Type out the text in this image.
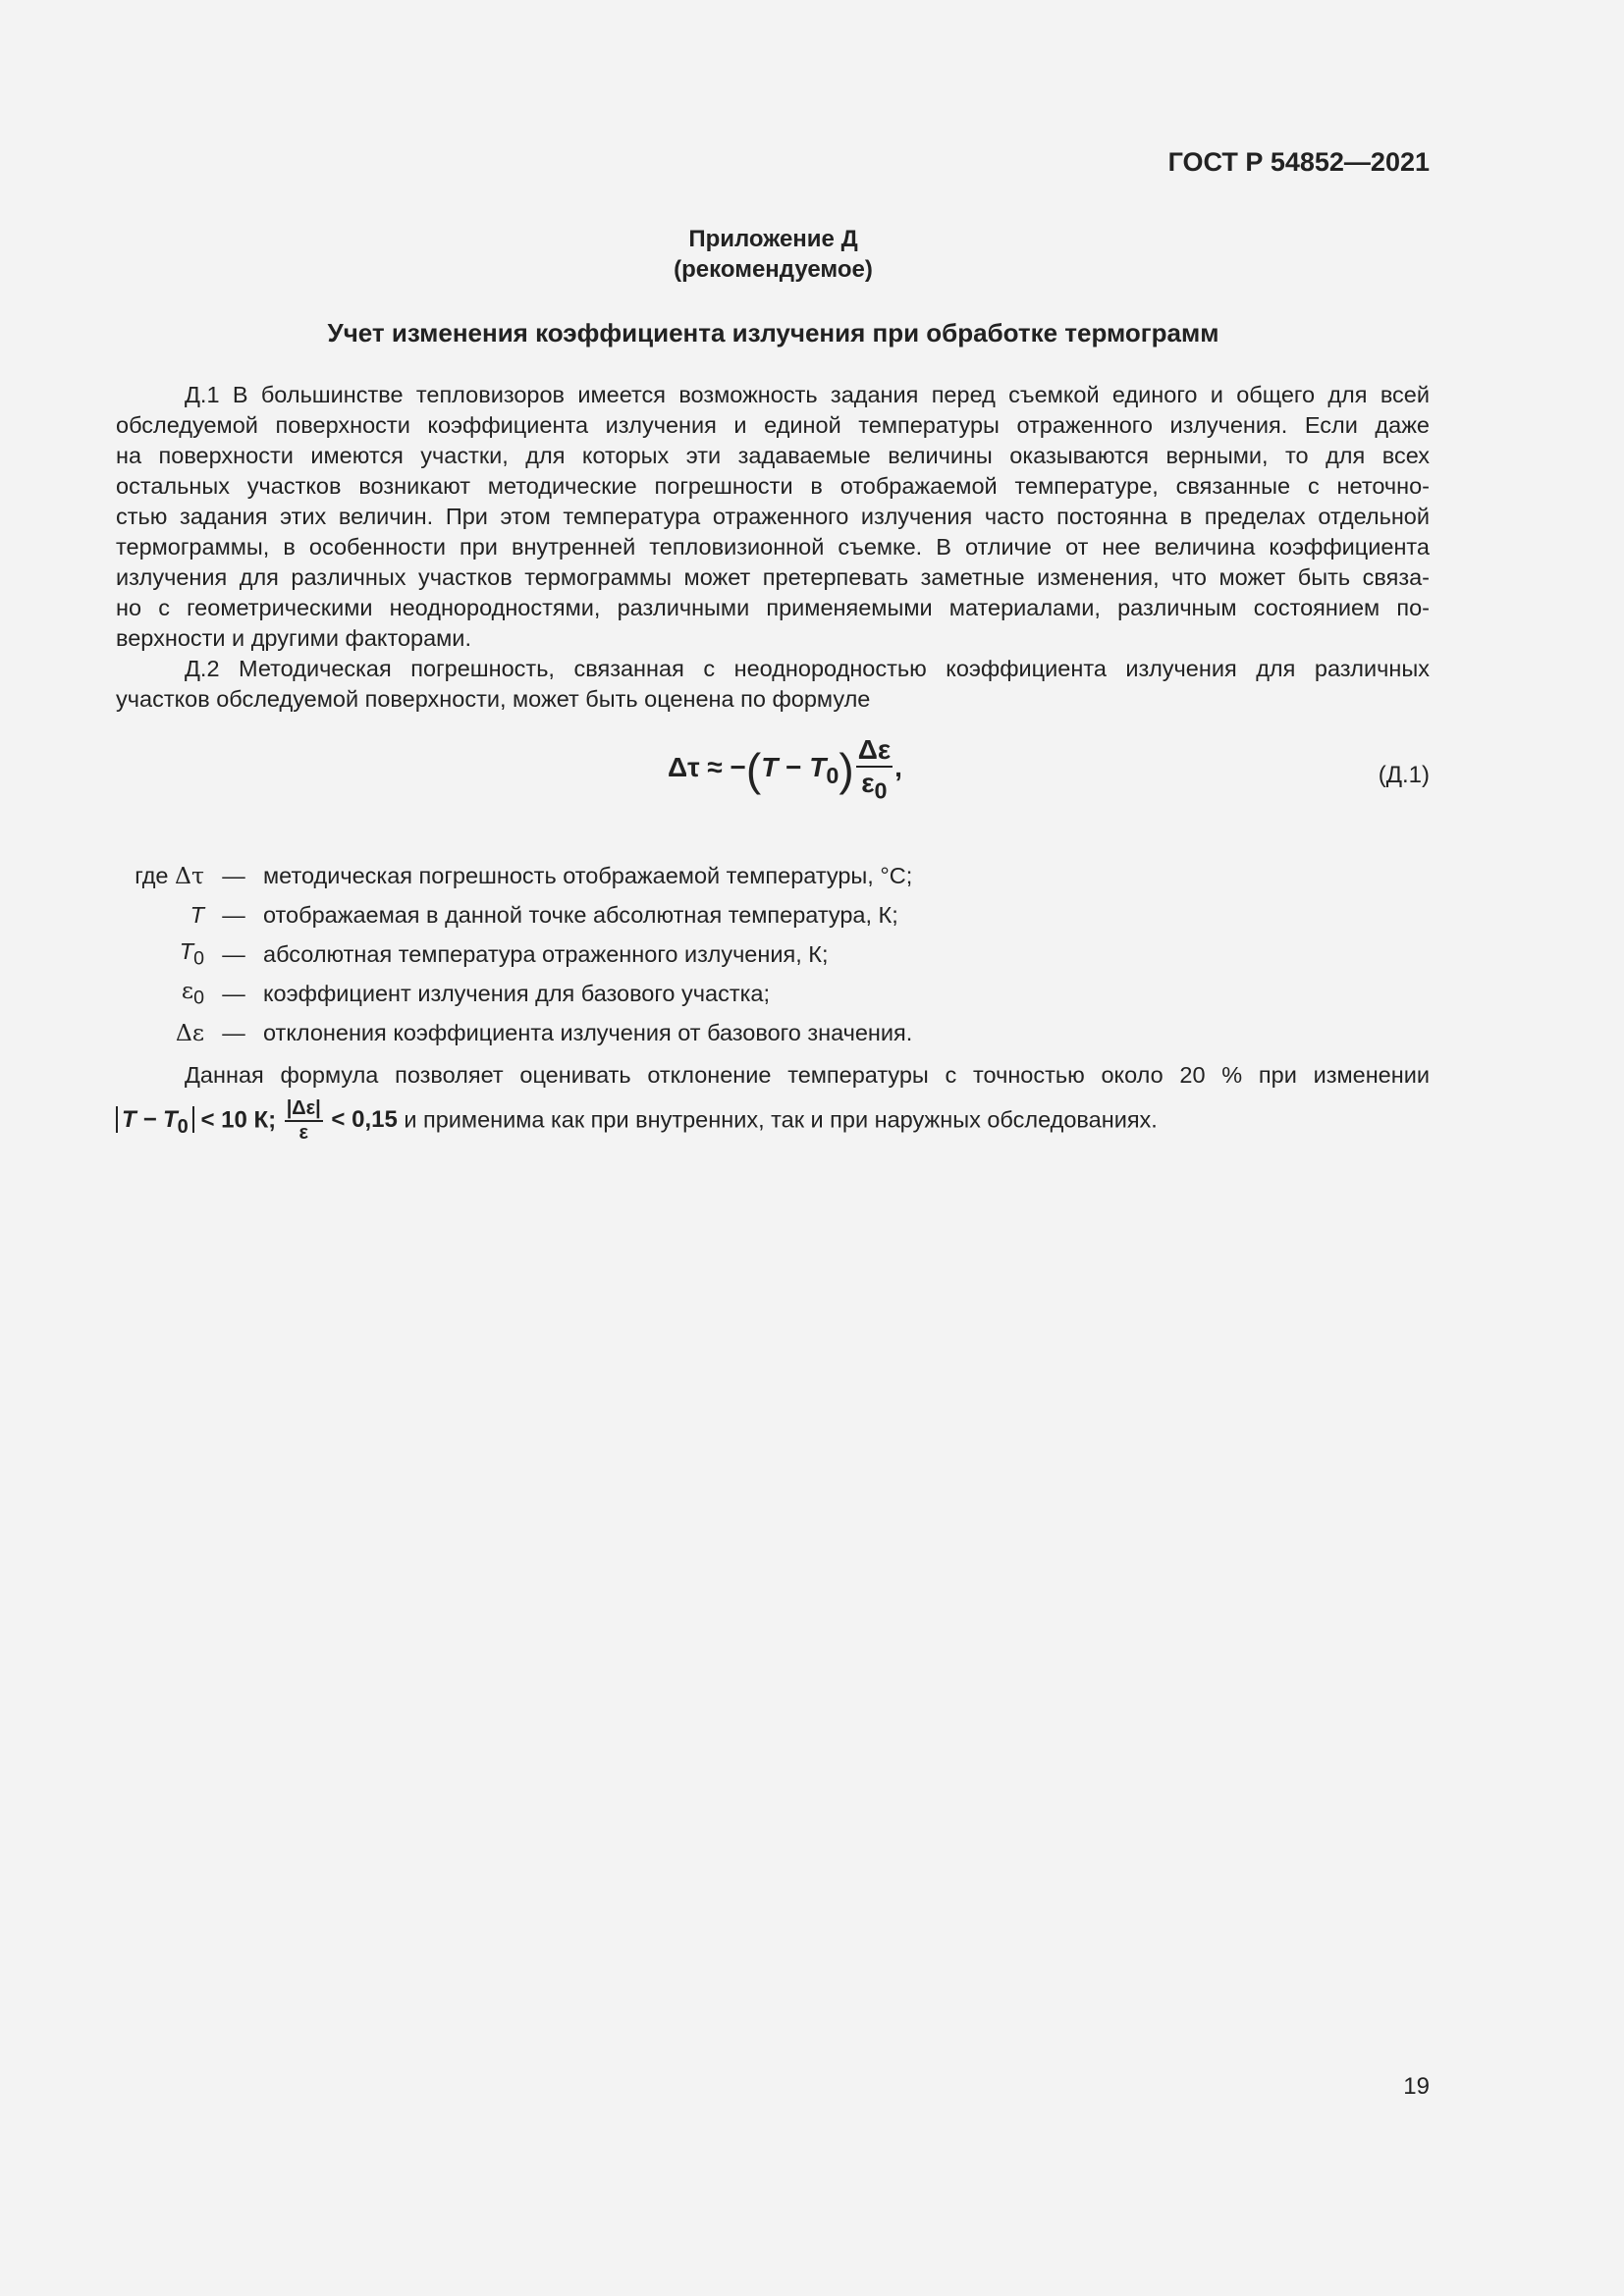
ГОСТ Р 54852—2021
Приложение Д
(рекомендуемое)
Учет изменения коэффициента излучения при обработке термограмм
Д.1 В большинстве тепловизоров имеется возможность задания перед съемкой единого и общего для всей
обследуемой поверхности коэффициента излучения и единой температуры отраженного излучения. Если даже
на поверхности имеются участки, для которых эти задаваемые величины оказываются верными, то для всех
остальных участков возникают методические погрешности в отображаемой температуре, связанные с неточно-
стью задания этих величин. При этом температура отраженного излучения часто постоянна в пределах отдельной
термограммы, в особенности при внутренней тепловизионной съемке. В отличие от нее величина коэффициента
излучения для различных участков термограммы может претерпевать заметные изменения, что может быть связа-
но с геометрическими неоднородностями, различными применяемыми материалами, различным состоянием по-
верхности и другими факторами.
Д.2 Методическая погрешность, связанная с неоднородностью коэффициента излучения для различных
участков обследуемой поверхности, может быть оценена по формуле
$\Delta\tau \approx -(T - T_0) \frac{\Delta\varepsilon}{\varepsilon_0}$ ,	(Д.1)
где Δτ — методическая погрешность отображаемой температуры, °С;
T — отображаемая в данной точке абсолютная температура, К;
$T_0$ — абсолютная температура отраженного излучения, К;
$\varepsilon_0$ — коэффициент излучения для базового участка;
Δε — отклонения коэффициента излучения от базового значения.
Данная формула позволяет оценивать отклонение температуры с точностью около 20 % при изменении
$T - T_0 < 10$ К; $\frac{|\Delta\varepsilon|}{\varepsilon} < 0,15$ и применима как при внутренних, так и при наружных обследованиях.
19
